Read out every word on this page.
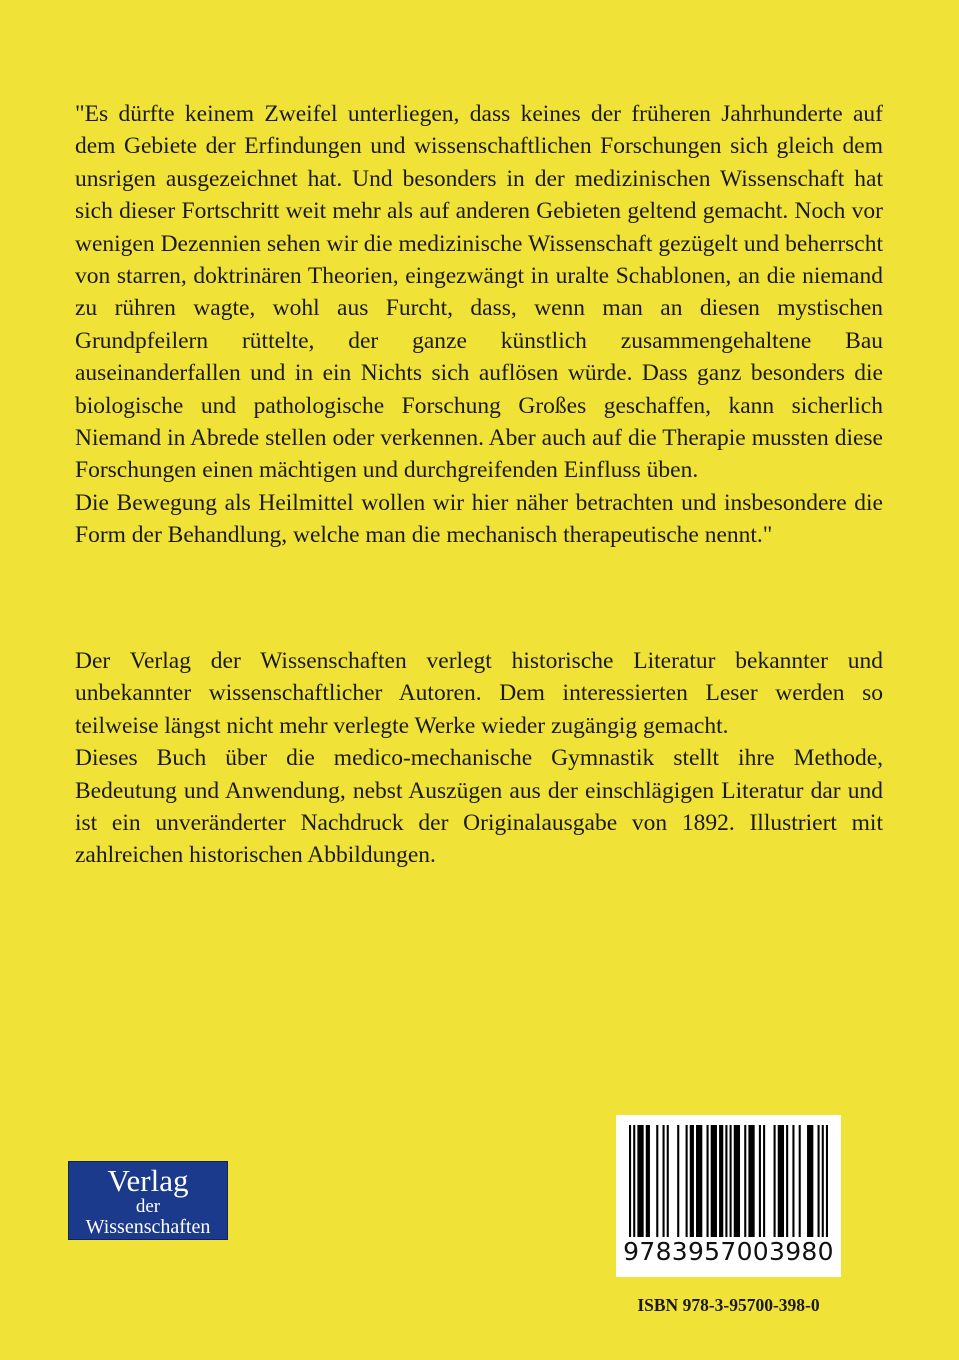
"Es dürfte keinem Zweifel unterliegen, dass keines der früheren Jahrhunderte auf dem Gebiete der Erfindungen und wissenschaftlichen Forschungen sich gleich dem unsrigen ausgezeichnet hat. Und besonders in der medizinischen Wissenschaft hat sich dieser Fortschritt weit mehr als auf anderen Gebieten geltend gemacht. Noch vor wenigen Dezennien sehen wir die medizinische Wissenschaft gezügelt und beherrscht von starren, doktrinären Theorien, eingezwängt in uralte Schablonen, an die niemand zu rühren wagte, wohl aus Furcht, dass, wenn man an diesen mystischen Grundpfeilern rüttelte, der ganze künstlich zusammengehaltene Bau auseinanderfallen und in ein Nichts sich auflösen würde. Dass ganz besonders die biologische und pathologische Forschung Großes geschaffen, kann sicherlich Niemand in Abrede stellen oder verkennen. Aber auch auf die Therapie mussten diese Forschungen einen mächtigen und durchgreifenden Einfluss üben.

Die Bewegung als Heilmittel wollen wir hier näher betrachten und insbesondere die Form der Behandlung, welche man die mechanisch therapeutische nennt."

Der Verlag der Wissenschaften verlegt historische Literatur bekannter und unbekannter wissenschaftlicher Autoren. Dem interessierten Leser werden so teilweise längst nicht mehr verlegte Werke wieder zugängig gemacht.

Dieses Buch über die medico-mechanische Gymnastik stellt ihre Methode, Bedeutung und Anwendung, nebst Auszügen aus der einschlägigen Literatur dar und ist ein unveränderter Nachdruck der Originalausgabe von 1892. Illustriert mit zahlreichen historischen Abbildungen.

Verlag
der
Wissenschaften
9783957003980
ISBN 978-3-95700-398-0
